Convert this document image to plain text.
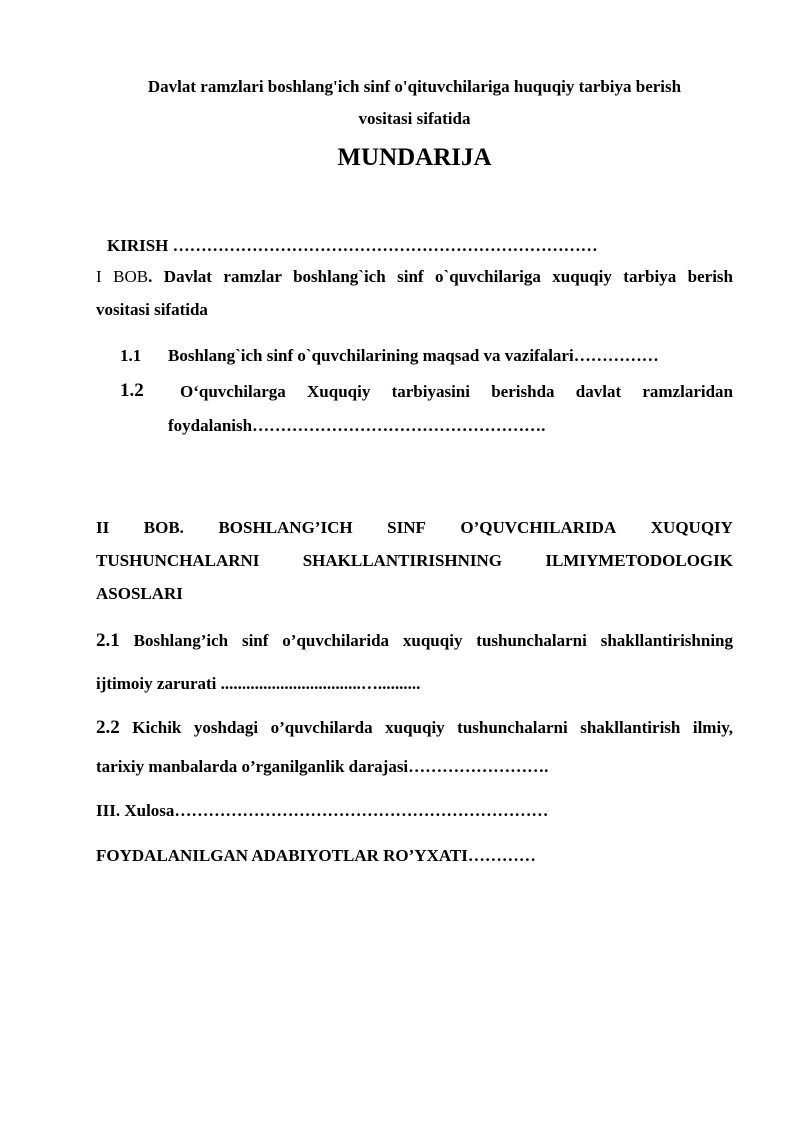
Davlat ramzlari boshlang'ich sinf o'qituvchilariga huquqiy tarbiya berish
vositasi sifatida
MUNDARIJA
KIRISH …………………………………………………………………
I BOB. Davlat ramzlar boshlang`ich sinf o`quvchilariga xuquqiy tarbiya berish
vositasi sifatida
1.1 Boshlang`ich sinf o`quvchilarining maqsad va vazifalari……………
1.2 O‘quvchilarga Xuquqiy tarbiyasini berishda davlat ramzlaridan
foydalanish…………………………………………….
II BOB. BOSHLANG’ICH SINF O’QUVCHILARIDA XUQUQIY
TUSHUNCHALARNI SHAKLLANTIRISHNING ILMIYMETODOLOGIK
ASOSLARI
2.1 Boshlang’ich sinf o’quvchilarida xuquqiy tushunchalarni shakllantirishning
ijtimoiy zarurati .................................…..........
2.2 Kichik yoshdagi o’quvchilarda xuquqiy tushunchalarni shakllantirish ilmiy,
tarixiy manbalarda o’rganilganlik darajasi…………………….
III. Xulosa…………………………………………………………
FOYDALANILGAN ADABIYOTLAR RO’YXATI…………
